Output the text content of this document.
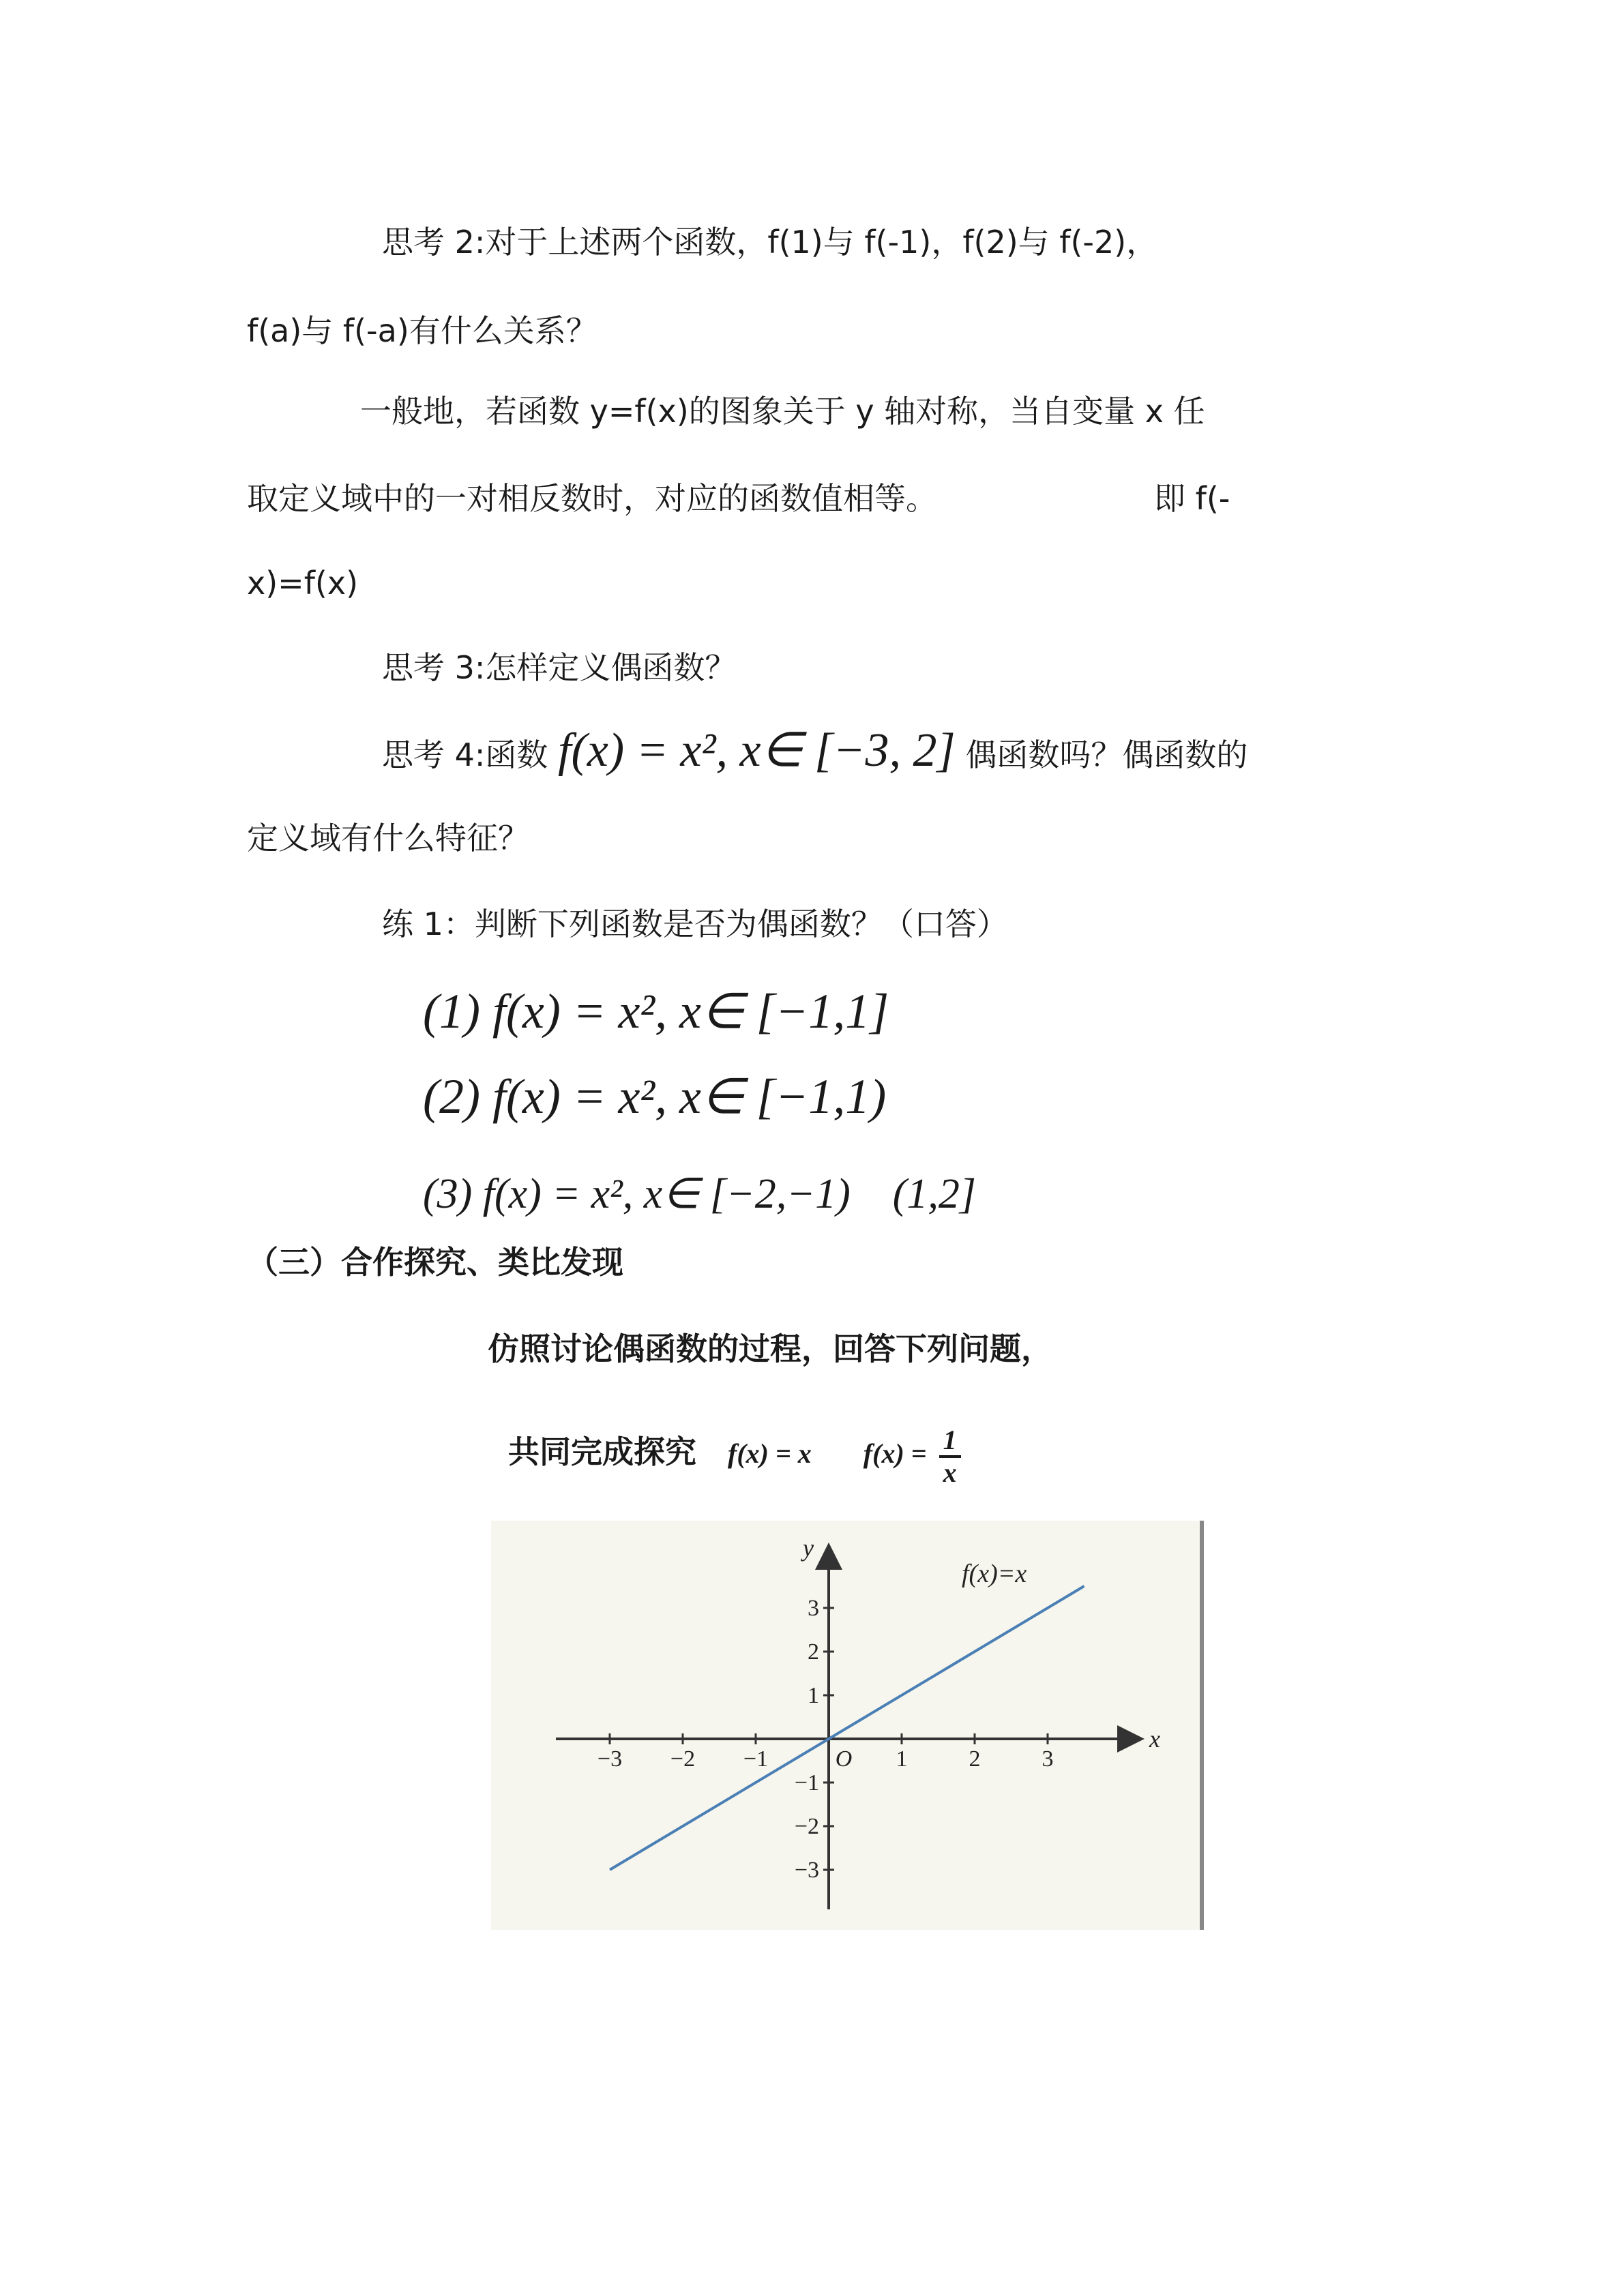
思考 2:对于上述两个函数，f(1)与 f(-1)，f(2)与 f(-2)，
f(a)与 f(-a)有什么关系？
一般地，若函数 y=f(x)的图象关于 y 轴对称，当自变量 x 任
取定义域中的一对相反数时，对应的函数值相等。	即 f(-
x)=f(x)
思考 3:怎样定义偶函数？
思考 4:函数 f(x) = x², x∈ [−3, 2] 偶函数吗？偶函数的
定义域有什么特征？
练 1：判断下列函数是否为偶函数？（口答）
(1) f(x) = x², x∈ [−1,1]
(2) f(x) = x², x∈ [−1,1)
(3) f(x) = x², x∈ [−2,−1)　(1,2]
（三）合作探究、类比发现
仿照讨论偶函数的过程，回答下列问题，
共同完成探究 f(x) = x $f(x) = \frac{1}{x}$
−3 −2 −1	O 1	2	3
3
2
1
−1
−2
−3
x
y
f(x)=x
